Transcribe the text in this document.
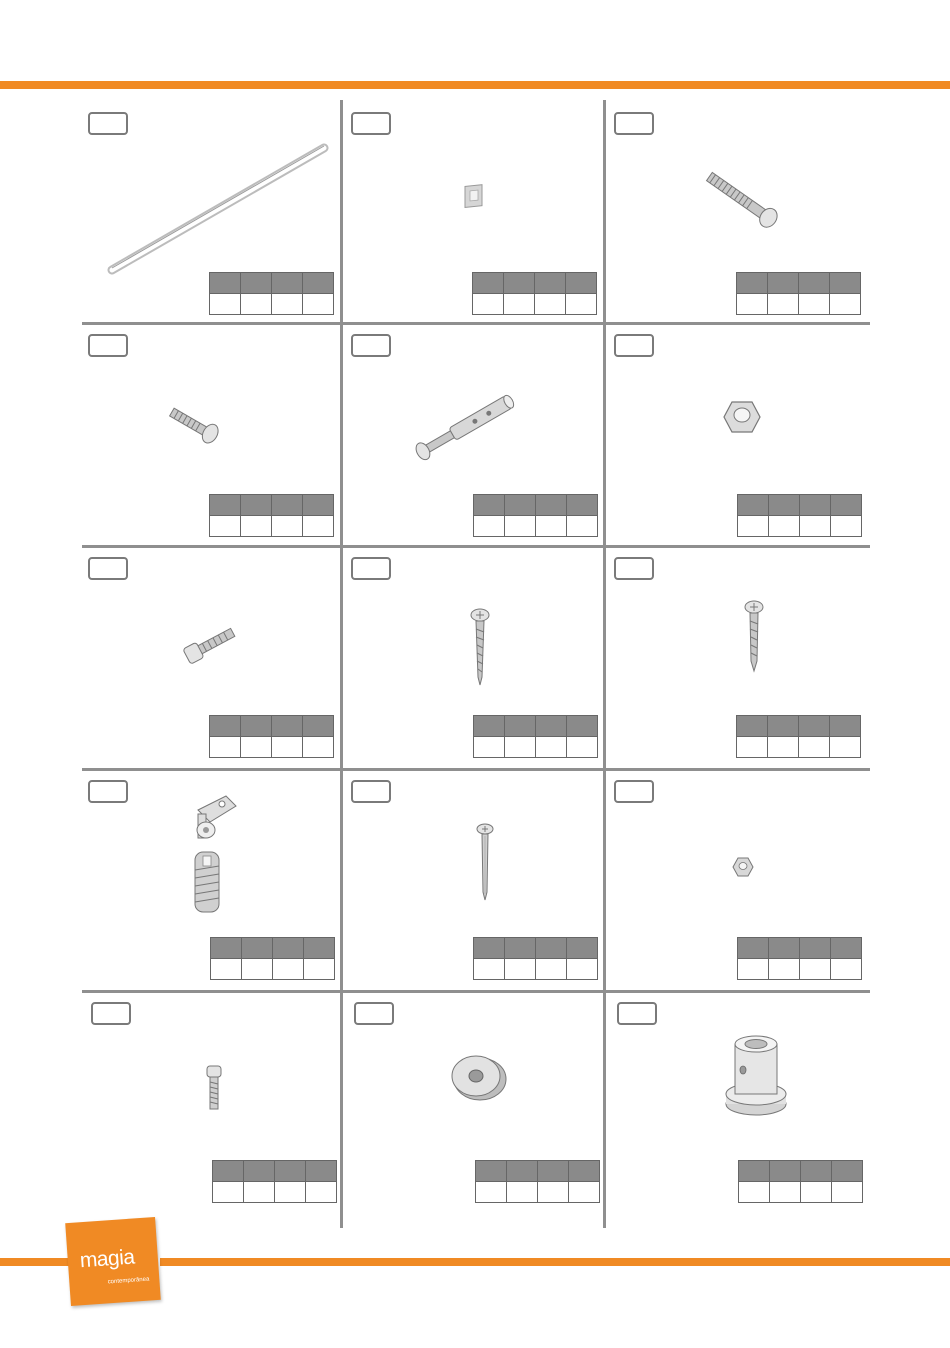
magia
contemporânea
